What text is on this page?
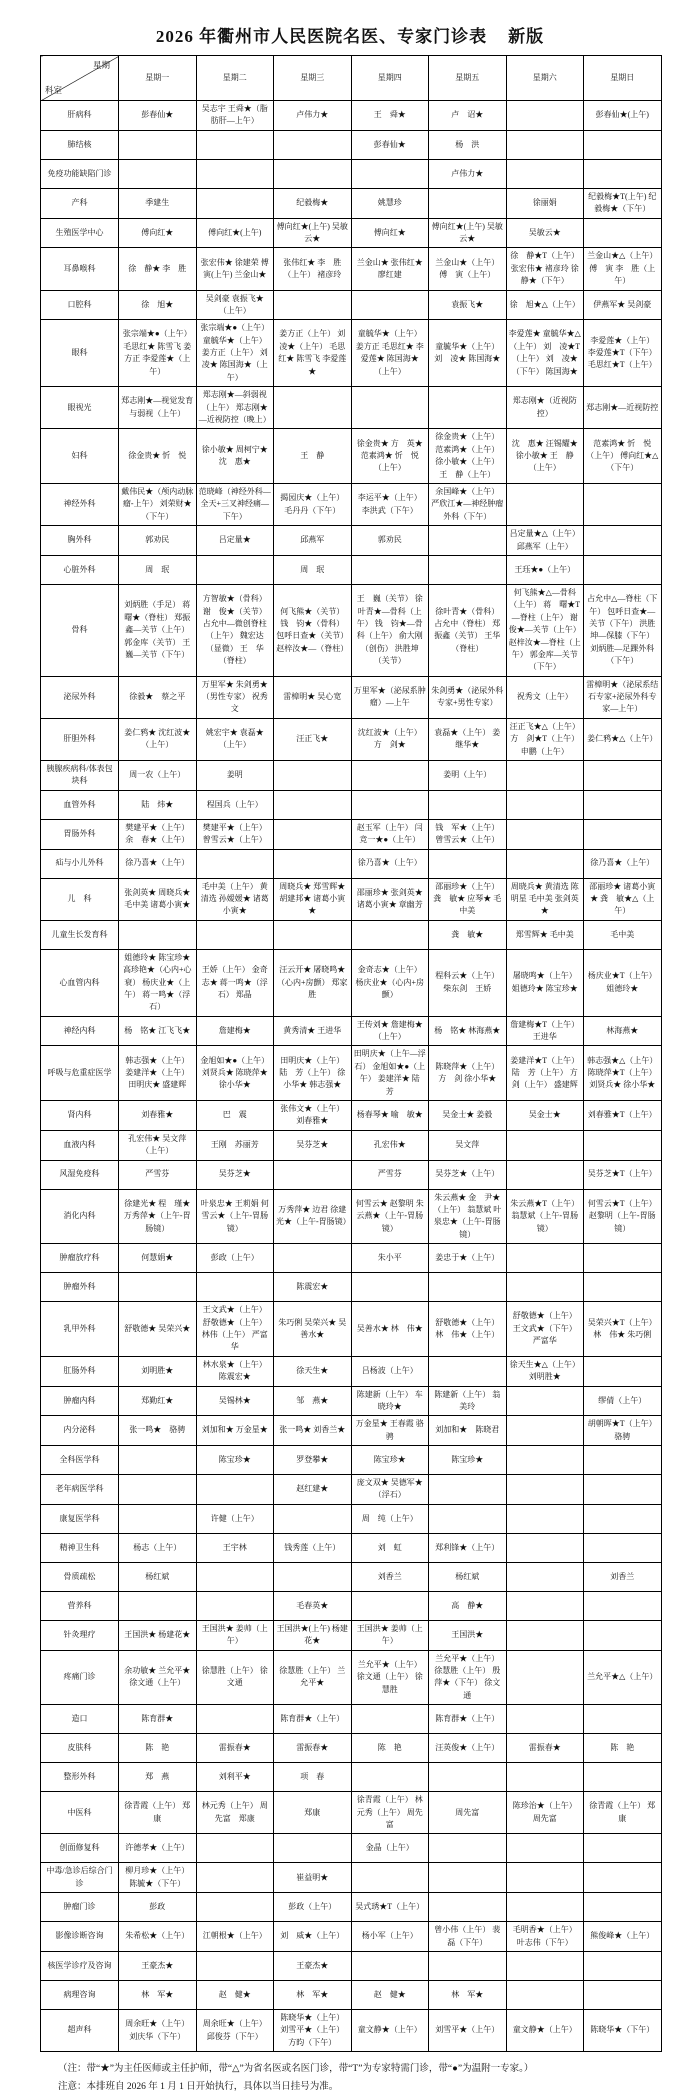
2026 年衢州市人民医院名医、专家门诊表    新版
科室
星期	星期一	星期二	星期三	星期四	星期五	星期六	星期日
肝病科	彭春仙★	吴志宇 王舜★（脂肪肝—上午）	卢伟力★	王　舜★	卢　诏★		彭春仙★(上午)
肺结核				彭春仙★	杨　洪		
免疫功能缺陷门诊					卢伟力★		
产科	季建生		纪毅梅★	姚慧珍		徐丽娟	纪毅梅★T(上午) 纪毅梅★（下午）
生殖医学中心	傅向红★	傅向红★(上午)	傅向红★(上午) 吴敏云★	傅向红★	傅向红★(上午) 吴敏云★	吴敏云★	
耳鼻喉科	徐　静★ 李　胜	张宏伟★ 徐建荣 傅　寅(上午) 兰金山★	张伟红★ 李　胜（上午） 褚彦玲	兰金山★ 张伟红★ 廖红建	兰金山★（上午） 傅　寅（上午）	徐　静★T（上午） 张宏伟★ 褚彦玲 徐　静★（下午）	兰金山★△（上午） 傅　寅 李　胜（上午）
口腔科	徐　旭★	吴剑豪 袁振飞★（上午）			袁振飞★	徐　旭★△（上午）	伊燕军★ 吴剑豪
眼科	张宗端★●（上午） 毛思红★ 陈雪飞 姜方正 李爱莲★（上午）	张宗端★●（上午） 童毓华★（上午） 姜方正（上午） 刘　凌★ 陈国海★（上午）	姜方正（上午） 刘　凌★（上午） 毛思红★ 陈雪飞 李爱莲★	童毓华★（上午） 姜方正 毛思红★ 李爱莲★ 陈国海★（上午）	童毓华★（上午） 刘　凌★ 陈国海★	李爱莲★ 童毓华★△（上午） 刘　凌★T（上午） 刘　凌★（下午） 陈国海★	李爱莲★（上午） 李爱莲★T（下午） 毛思红★T（上午）
眼视光	郑志刚★—视觉发育与弱视（上午）	郑志刚★—斜弱视（上午） 郑志刚★—近视防控（晚上）				郑志刚★（近视防控）	郑志刚★—近视防控
妇科	徐金贵★ 忻　悦	徐小敏★ 周柯宁★ 沈　惠★	王　静	徐金贵★ 方　英★ 范素鸿★ 忻　悦（上午）	徐金贵★（上午） 范素鸿★（上午） 徐小敏★（上午） 王　静（上午）	沈　惠★ 汪锡耀★ 徐小敏★ 王　静（上午）	范素鸿★ 忻　悦（上午） 傅向红★△（下午）
神经外科	戴伟民★（颅内动脉瘤-上午） 刘荣财★（下午）	范晓峰（神经外科—全天+三叉神经痛—下午）	揭园庆★（上午） 毛丹丹（下午）	李运平★（上午） 李洪武（下午）	余国峰★（上午） 严欣江★—神经肿瘤外科（下午）		
胸外科	郭劝民	吕定量★	邱燕军	郭劝民		吕定量★△（上午） 邱燕军（上午）	
心脏外科	周　珉		周　珉			王珏★●（上午）	
骨科	刘炳胜（手足） 蒋　曙★（脊柱） 郑振鑫—关节（上午） 郭金库（关节） 王巍—关节（下午）	方智敏★（骨科） 谢　俊★（关节） 占允中—微创脊柱（上午） 魏宏达（显微） 王　华（脊柱）	何飞熊★（关节） 钱　钧★（骨科） 包呼日查★（关节） 赵梓汝★—（脊柱）	王　巍（关节） 徐叶青★—骨科（上午） 钱　钧★—骨科（上午） 俞大刚（创伤） 洪胜坤（关节）	徐叶青★（骨科） 占允中（脊柱） 郑振鑫（关节） 王华（脊柱）	何飞熊★△—骨科（上午） 蒋　曙★T—脊柱（上午） 谢　俊★—关节（上午） 赵梓汝★—脊柱（上午） 郭金库—关节（下午）	占允中△—脊柱（下午） 包呼日查★—关节（下午） 洪胜坤—保膝（下午） 刘炳胜—足踝外科（下午）
泌尿外科	徐毅★　蔡之平	万里军★ 朱剑勇★（男性专家） 祝秀文	雷樟明★ 吴心宽	万里军★（泌尿系肿瘤）—上午	朱剑勇★（泌尿外科专家+男性专家）	祝秀文（上午）	雷樟明★（泌尿系结石专家+泌尿外科专家—上午）
肝胆外科	姜仁鸦★ 沈红波★（上午）	姚宏宇★ 袁磊★（上午）	汪正飞★	沈红波★（上午） 方　剑★	袁磊★（上午） 姜继华★	汪正飞★△（上午） 方　剑★T（上午） 申鹏（上午）	姜仁鸦★△（上午）
胰腺疾病科/体表包块科	周一农（上午）	姜明			姜明（上午）		
血管外科	陆　炜★	程国兵（上午）					
胃肠外科	樊建平★（上午） 余　春★（上午）	樊建平★（上午） 曾雪云★（上午）		赵玉军（上午） 闫竞一★●（上午）	钱　军★（上午） 曾雪云★（上午）		
疝与小儿外科	徐乃喜★（上午）			徐乃喜★（上午）			徐乃喜★（上午）
儿　科	张剑英★ 周晓兵★ 毛中美 诸葛小寅★	毛中美（上午） 黄清选 孙嫒媛★ 诸葛小寅★	周晓兵★ 郑雪辉★ 胡建邦★ 诸葛小寅★	邵丽珍★ 张剑英★ 诸葛小寅★ 章幽芳	邵丽珍★（上午） 龚　敏★ 应琴★ 毛中美	周晓兵★ 黄清选 陈明星 毛中美 张剑英★	邵丽珍★ 诸葛小寅★ 龚　敏★△（上午）
儿童生长发育科					龚　敏★	郑雪辉★ 毛中美	毛中美
心血管内科	姐德玲★ 陈宝珍★ 高珍艳★（心内+心衰） 杨庆业★（上午） 蒋一鸣★（浮石）	王娇（上午） 金奇志★ 蒋一鸣★（浮石） 郑晶	汪云开★ 屠晓鸣★（心内+房颤） 郑家胜	金奇志★（上午） 杨庆业★（心内+房颤）	程科云★（上午） 柴东剑　王娇	屠晓鸣★（上午） 姐德玲★ 陈宝珍★	杨庆业★T（上午） 姐德玲★
神经内科	杨　铭★ 江飞飞★	詹建梅★	黄秀清★ 王进华	王传刘★ 詹建梅★（上午）	杨　铭★ 林海燕★	詹建梅★T（上午） 王进华	林海燕★
呼吸与危重症医学	韩志强★（上午） 姜建洋★（上午） 田明庆★ 盛建辉	金旭如★●（上午） 刘贤兵★ 陈晓萍★ 徐小华★	田明庆★（上午） 陆　芳（上午） 徐小华★ 韩志强★	田明庆★（上午—浮石） 金旭如★●（上午） 姜建洋★ 陆　芳	陈晓萍★（上午） 方　剑 徐小华★	姜建洋★T（上午） 陆　芳（上午） 方　剑（上午） 盛建辉	韩志强★△（上午） 陈晓萍★T（上午） 刘贤兵★ 徐小华★
肾内科	刘春雅★	巴　震	张伟文★（上午） 刘春雅★	杨春琴★ 喻　敏★	吴金士★ 姜毅	吴金士★	刘春雅★T（上午）
血液内科	孔宏伟★ 吴文萍（上午）	王刚　苏丽芳	吴芬芝★	孔宏伟★	吴文萍		
风湿免疫科	严雪芬	吴芬芝★		严雪芬	吴芬芝★（上午）		吴芬芝★T（上午）
消化内科	徐建光★ 程　瑾★ 万秀萍★（上午-胃肠镜）	叶泉忠★ 王莉娟 何雪云★（上午-胃肠镜）	万秀萍★ 边君 徐建光★（上午-胃肠镜）	何雪云★ 赵黎明 朱云燕★（上午-胃肠镜）	朱云燕★ 金　尹★（上午） 翁慧斌 叶泉忠★（上午-胃肠镜）	朱云燕★T（上午） 翁慧斌（上午-胃肠镜）	何雪云★T（上午） 赵黎明（上午-胃肠镜）
肿瘤放疗科	何慧娟★	彭政（上午）		朱小平	姜忠于★（上午）		
肿瘤外科			陈震宏★				
乳甲外科	舒敬德★ 吴荣兴★	王文武★（上午） 舒敬德★（上午） 林伟（上午） 严富华	朱巧俐 吴荣兴★ 吴善水★	吴善水★ 林　伟★	舒敬德★（上午） 林　伟★（上午）	舒敬德★（上午） 王文武★（下午） 严富华	吴荣兴★T（上午） 林　伟★ 朱巧俐
肛肠外科	刘明胜★	林水泉★（上午） 陈震宏★	徐天生★	吕杨波（上午）		徐天生★△（上午） 刘明胜★	
肿瘤内科	郑勤红★	吴锡林★	邹　燕★	陈建新（上午） 车晓玲★	陈建新（上午） 翁美玲		缪倩（上午）
内分泌科	张一鸣★　骆骋	刘加和★ 万金星★	张一鸣★ 刘香兰★	万金星★ 王春霞 骆骋	刘加和★　陈晓君		胡朝晖★T（上午） 骆骋
全科医学科		陈宝珍★	罗登攀★	陈宝珍★	陈宝珍★		
老年病医学科			赵红建★	庞文双★ 吴德军★（浮石）			
康复医学科		许健（上午）		周　纯（上午）			
精神卫生科	杨志（上午）	王宇林	钱秀莲（上午）	刘　虹	郑利锋★（上午）		
骨质疏松	杨红斌			刘香兰	杨红斌		刘香兰
营养科			毛春英★		高　静★		
针灸理疗	王国洪★ 杨建花★	王国洪★ 姜帅（上午）	王国洪★(上午) 杨建花★	王国洪★ 姜帅（上午）	王国洪★		
疼痛门诊	余功敏★ 兰允平★ 徐文通（上午）	徐慧胜（上午） 徐文通	徐慧胜（上午） 兰允平★	兰允平★（上午） 徐文通（上午） 徐慧胜	兰允平★（上午） 徐慧胜（上午） 殷　萍★（下午） 徐文通		兰允平★△（上午）
造口	陈育群★		陈育群★（上午）		陈育群★（上午）		
皮肤科	陈　艳	雷振春★	雷振春★	陈　艳	汪英俊★（上午）	雷振春★	陈　艳
整形外科	郑　燕	刘利平★	项　春				
中医科	徐青霞（上午） 郑康	林元秀（上午） 周先富　郑康	郑康	徐青霞（上午） 林元秀（上午） 周先富	周先富	陈珍治★（上午） 周先富	徐青霞（上午） 郑康
创面修复科	许德孝★（上午）			金晶（上午）			
中毒/急诊后综合门诊	柳月珍★（上午） 陈毓★（下午）		崔益明★				
肿瘤门诊	彭政		彭政（上午）	吴式琇★T（上午）			
影像诊断咨询	朱希松★（上午）	江朝根★（上午）	刘　威★（上午）	杨小军（上午）	曾小伟（上午） 裴　磊（下午）	毛明香★（上午） 叶志伟（下午）	熊俊峰★（上午）
核医学诊疗及咨询	王豪杰★		王豪杰★				
病理咨询	林　军★	赵　健★	林　军★	赵　健★	林　军★		
超声科	周余旺★（上午） 刘庆华（下午）	周余旺★（上午） 邱俊芬（下午）	陈晓华★（上午） 刘雪平★（上午） 方昀（下午）	童文静★（上午）	刘雪平★（上午）	童文静★（上午）	陈晓华★（下午）
（注：带“★”为主任医师或主任护师，带“△”为省名医或名医门诊，带“T”为专家特需门诊，带“●”为温附一专家。）
注意：本排班自 2026 年 1 月 1 日开始执行，具体以当日挂号为准。
